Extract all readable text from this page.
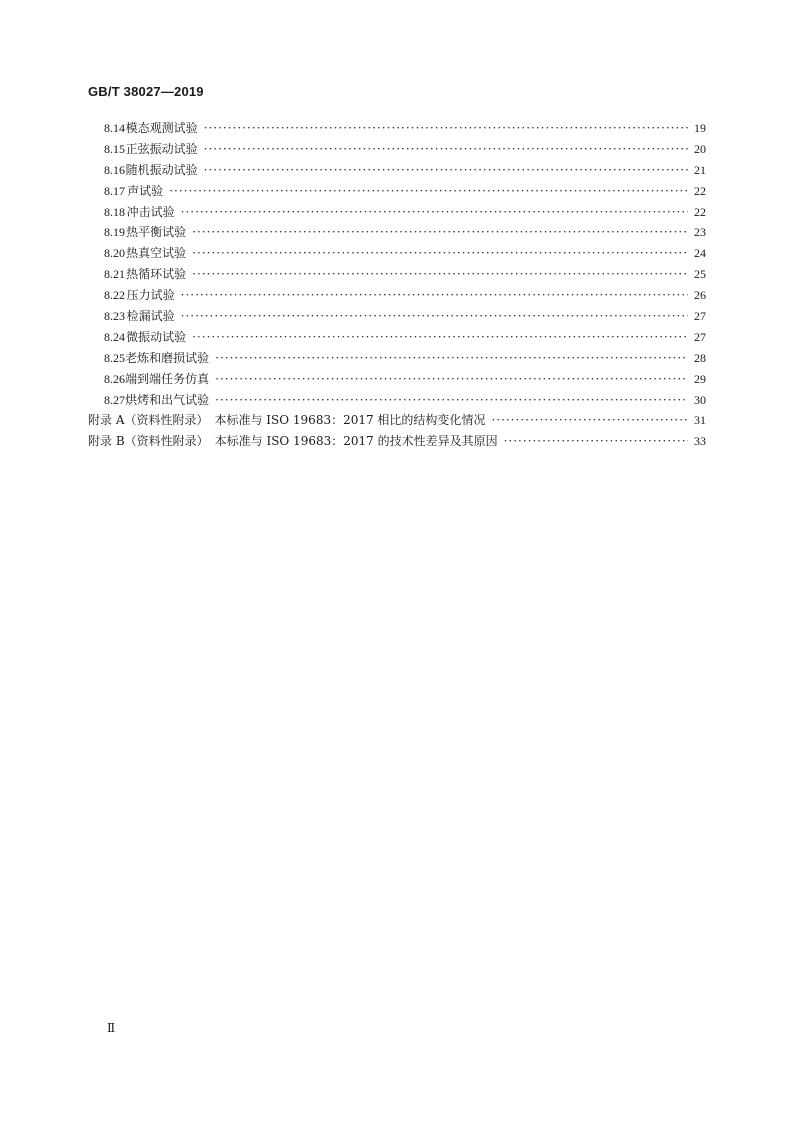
GB/T 38027—2019
8.14 模态观测试验 ·····	19
8.15 正弦振动试验 ·····	20
8.16 随机振动试验 ·····	21
8.17 声试验 ·····	22
8.18 冲击试验 ·····	22
8.19 热平衡试验 ·····	23
8.20 热真空试验 ·····	24
8.21 热循环试验 ·····	25
8.22 压力试验 ·····	26
8.23 检漏试验 ·····	27
8.24 微振动试验 ·····	27
8.25 老炼和磨损试验 ·····	28
8.26 端到端任务仿真 ·····	29
8.27 烘烤和出气试验 ·····	30
附录 A（资料性附录）　本标准与 ISO 19683：2017 相比的结构变化情况 ·····	31
附录 B（资料性附录）　本标准与 ISO 19683：2017 的技术性差异及其原因 ·····	33
Ⅱ
